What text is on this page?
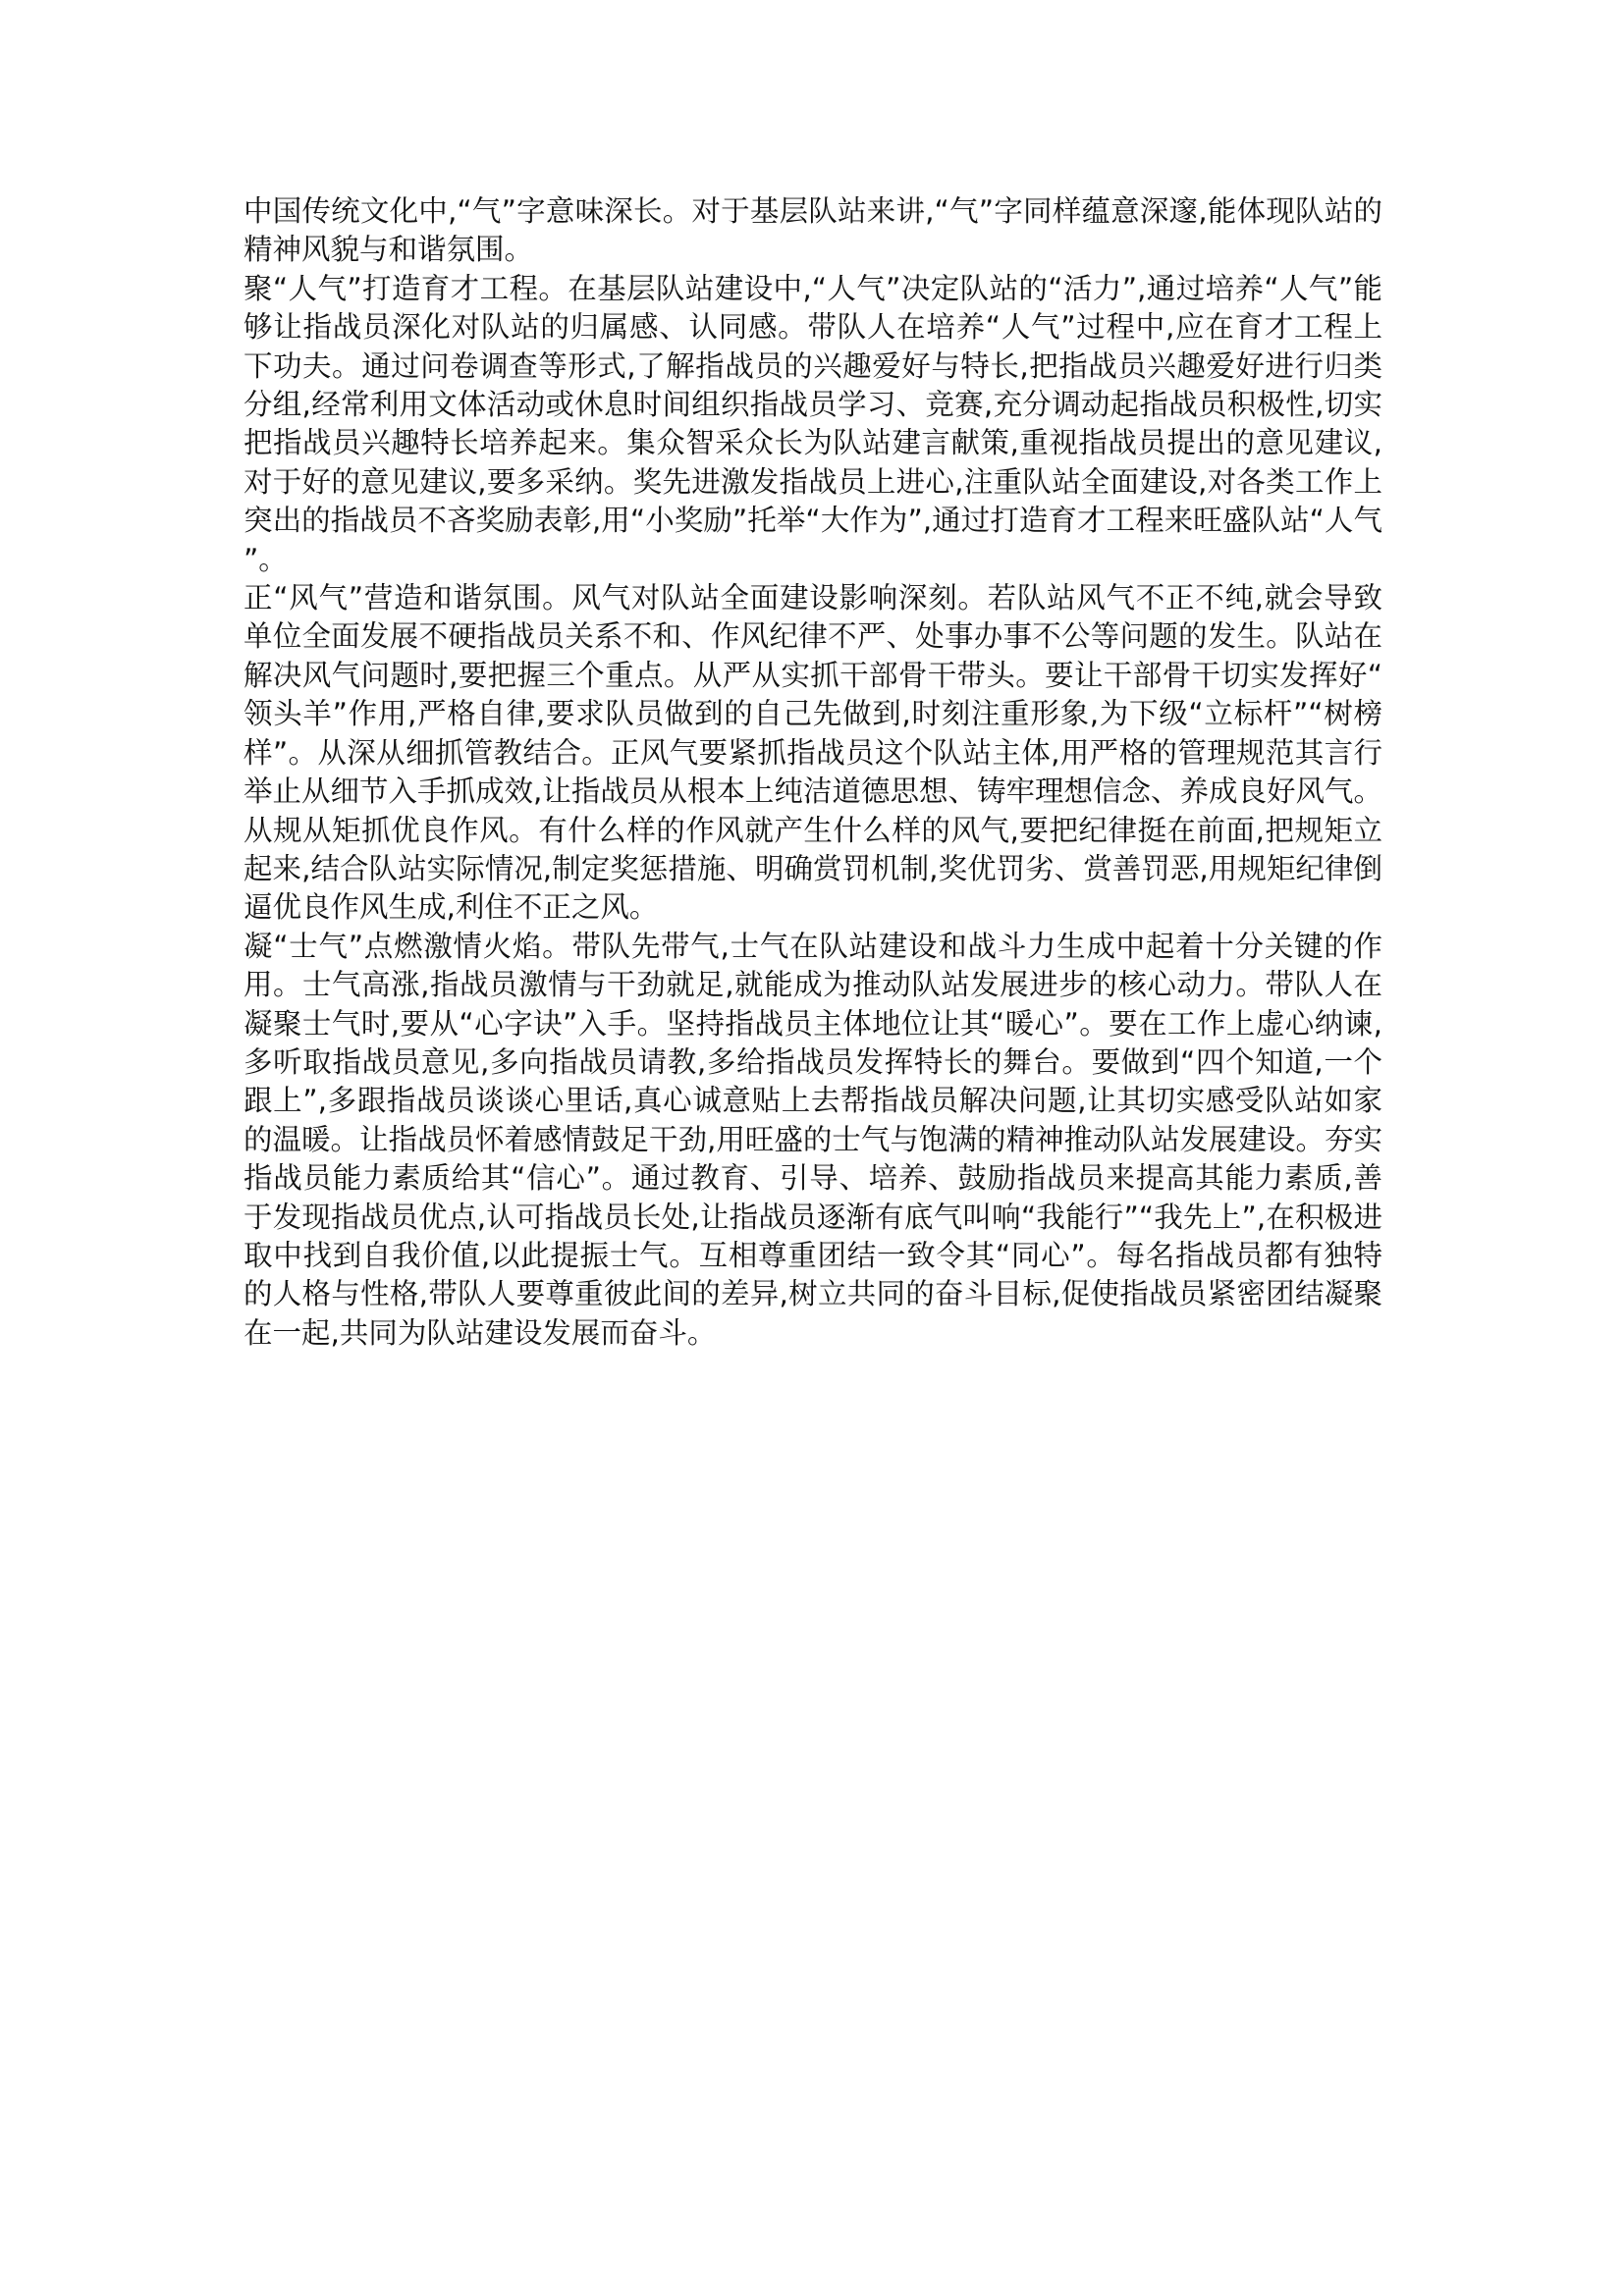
中国传统文化中,“气”字意味深长。对于基层队站来讲,“气”字同样蕴意深邃,能体现队站的精神风貌与和谐氛围。

聚“人气”打造育才工程。在基层队站建设中,“人气”决定队站的“活力”,通过培养“人气”能够让指战员深化对队站的归属感、认同感。带队人在培养“人气”过程中,应在育才工程上下功夫。通过问卷调查等形式,了解指战员的兴趣爱好与特长,把指战员兴趣爱好进行归类分组,经常利用文体活动或休息时间组织指战员学习、竞赛,充分调动起指战员积极性,切实把指战员兴趣特长培养起来。集众智采众长为队站建言献策,重视指战员提出的意见建议,对于好的意见建议,要多采纳。奖先进激发指战员上进心,注重队站全面建设,对各类工作上突出的指战员不吝奖励表彰,用“小奖励”托举“大作为”,通过打造育才工程来旺盛队站“人气”。

正“风气”营造和谐氛围。风气对队站全面建设影响深刻。若队站风气不正不纯,就会导致单位全面发展不硬指战员关系不和、作风纪律不严、处事办事不公等问题的发生。队站在解决风气问题时,要把握三个重点。从严从实抓干部骨干带头。要让干部骨干切实发挥好“领头羊”作用,严格自律,要求队员做到的自己先做到,时刻注重形象,为下级“立标杆”“树榜样”。从深从细抓管教结合。正风气要紧抓指战员这个队站主体,用严格的管理规范其言行举止从细节入手抓成效,让指战员从根本上纯洁道德思想、铸牢理想信念、养成良好风气。从规从矩抓优良作风。有什么样的作风就产生什么样的风气,要把纪律挺在前面,把规矩立起来,结合队站实际情况,制定奖惩措施、明确赏罚机制,奖优罚劣、赏善罚恶,用规矩纪律倒逼优良作风生成,利住不正之风。

凝“士气”点燃激情火焰。带队先带气,士气在队站建设和战斗力生成中起着十分关键的作用。士气高涨,指战员激情与干劲就足,就能成为推动队站发展进步的核心动力。带队人在凝聚士气时,要从“心字诀”入手。坚持指战员主体地位让其“暖心”。要在工作上虚心纳谏,多听取指战员意见,多向指战员请教,多给指战员发挥特长的舞台。要做到“四个知道,一个跟上”,多跟指战员谈谈心里话,真心诚意贴上去帮指战员解决问题,让其切实感受队站如家的温暖。让指战员怀着感情鼓足干劲,用旺盛的士气与饱满的精神推动队站发展建设。夯实指战员能力素质给其“信心”。通过教育、引导、培养、鼓励指战员来提高其能力素质,善于发现指战员优点,认可指战员长处,让指战员逐渐有底气叫响“我能行”“我先上”,在积极进取中找到自我价值,以此提振士气。互相尊重团结一致令其“同心”。每名指战员都有独特的人格与性格,带队人要尊重彼此间的差异,树立共同的奋斗目标,促使指战员紧密团结凝聚在一起,共同为队站建设发展而奋斗。
